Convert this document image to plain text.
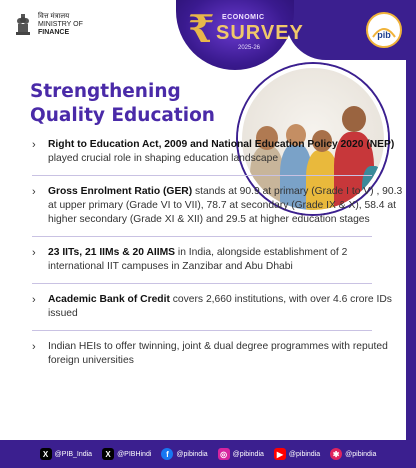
वित्त मंत्रालय
MINISTRY OF
FINANCE	₹ ECONOMIC
SURVEY
2025-26
pib
Strengthening
Quality Education
› Right to Education Act, 2009 and National Education Policy 2020 (NEP) played crucial role in shaping education landscape
› Gross Enrolment Ratio (GER) stands at 90.9 at primary (Grade I to V) , 90.3 at upper primary (Grade VI to VII), 78.7 at secondary (Grade IX & X), 58.4 at higher secondary (Grade XI & XII) and 29.5 at higher education stages
› 23 IITs, 21 IIMs & 20 AIIMS in India, alongside establishment of 2 international IIT campuses in Zanzibar and Abu Dhabi
› Academic Bank of Credit covers 2,660 institutions, with over 4.6 crore IDs issued
› Indian HEIs to offer twinning, joint & dual degree programmes with reputed foreign universities
X @PIB_India	X @PIBHindi	f	@pibindia	◎ @pibindia	▶ @pibindia	✱ @pibindia
